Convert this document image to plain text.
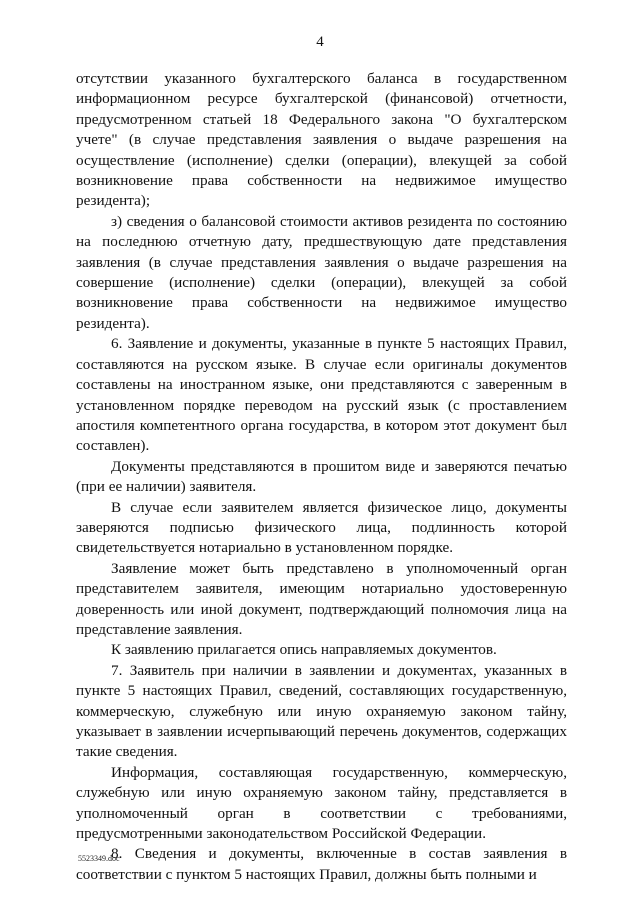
4

отсутствии указанного бухгалтерского баланса в государственном информационном ресурсе бухгалтерской (финансовой) отчетности, предусмотренном статьей 18 Федерального закона "О бухгалтерском учете" (в случае представления заявления о выдаче разрешения на осуществление (исполнение) сделки (операции), влекущей за собой возникновение права собственности на недвижимое имущество резидента);

з) сведения о балансовой стоимости активов резидента по состоянию на последнюю отчетную дату, предшествующую дате представления заявления (в случае представления заявления о выдаче разрешения на совершение (исполнение) сделки (операции), влекущей за собой возникновение права собственности на недвижимое имущество резидента).

6. Заявление и документы, указанные в пункте 5 настоящих Правил, составляются на русском языке. В случае если оригиналы документов составлены на иностранном языке, они представляются с заверенным в установленном порядке переводом на русский язык (с проставлением апостиля компетентного органа государства, в котором этот документ был составлен).

Документы представляются в прошитом виде и заверяются печатью (при ее наличии) заявителя.

В случае если заявителем является физическое лицо, документы заверяются подписью физического лица, подлинность которой свидетельствуется нотариально в установленном порядке.

Заявление может быть представлено в уполномоченный орган представителем заявителя, имеющим нотариально удостоверенную доверенность или иной документ, подтверждающий полномочия лица на представление заявления.

К заявлению прилагается опись направляемых документов.

7. Заявитель при наличии в заявлении и документах, указанных в пункте 5 настоящих Правил, сведений, составляющих государственную, коммерческую, служебную или иную охраняемую законом тайну, указывает в заявлении исчерпывающий перечень документов, содержащих такие сведения.

Информация, составляющая государственную, коммерческую, служебную или иную охраняемую законом тайну, представляется в уполномоченный орган в соответствии с требованиями, предусмотренными законодательством Российской Федерации.

8. Сведения и документы, включенные в состав заявления в соответствии с пунктом 5 настоящих Правил, должны быть полными и

5523349.doc
